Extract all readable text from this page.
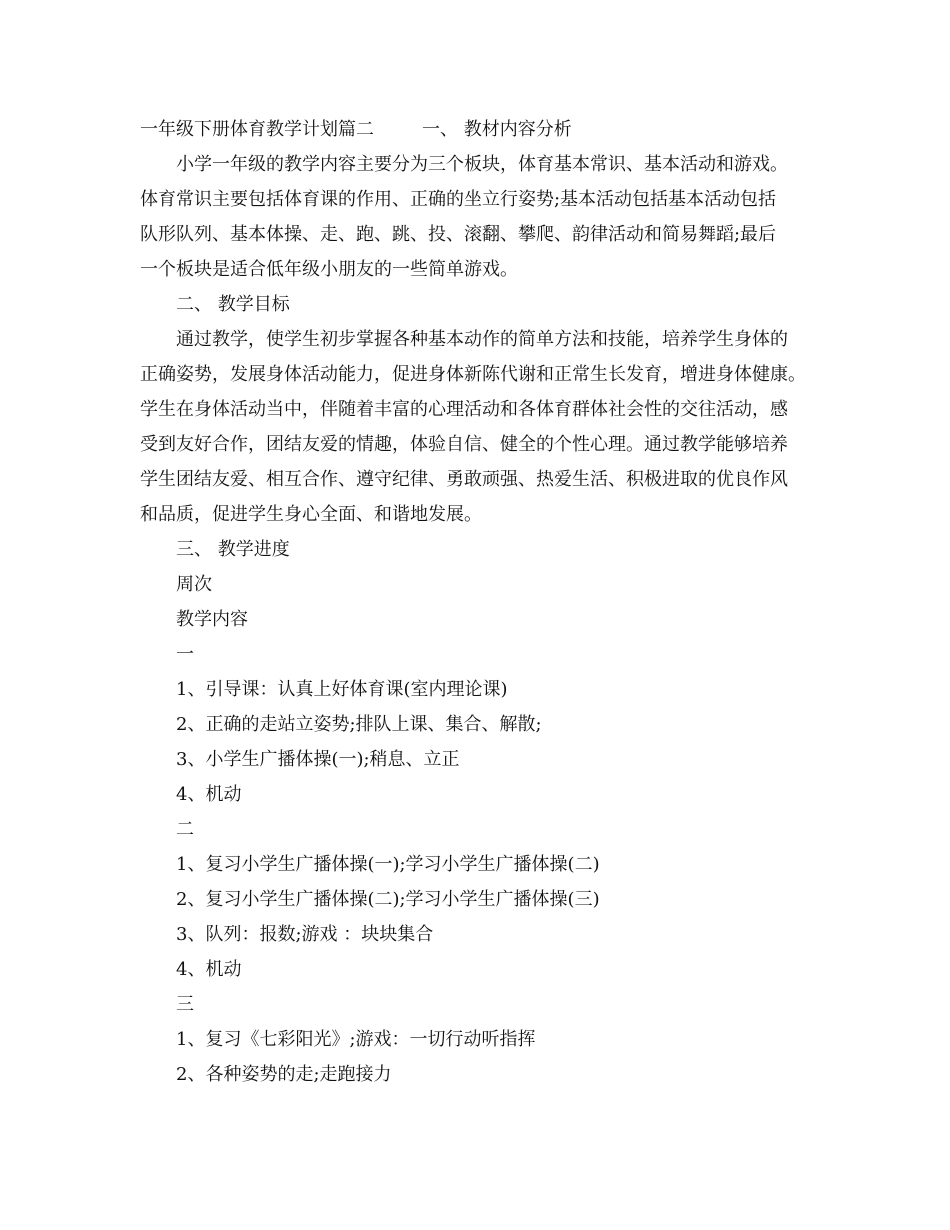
一年级下册体育教学计划篇二	一、 教材内容分析
小学一年级的教学内容主要分为三个板块，体育基本常识、基本活动和游戏。
体育常识主要包括体育课的作用、正确的坐立行姿势;基本活动包括基本活动包括
队形队列、基本体操、走、跑、跳、投、滚翻、攀爬、韵律活动和简易舞蹈;最后
一个板块是适合低年级小朋友的一些简单游戏。
二、 教学目标
通过教学，使学生初步掌握各种基本动作的简单方法和技能，培养学生身体的
正确姿势，发展身体活动能力，促进身体新陈代谢和正常生长发育，增进身体健康。
学生在身体活动当中，伴随着丰富的心理活动和各体育群体社会性的交往活动，感
受到友好合作，团结友爱的情趣，体验自信、健全的个性心理。通过教学能够培养
学生团结友爱、相互合作、遵守纪律、勇敢顽强、热爱生活、积极进取的优良作风
和品质，促进学生身心全面、和谐地发展。
三、 教学进度
周次
教学内容
一
1、引导课：认真上好体育课(室内理论课)
2、正确的走站立姿势;排队上课、集合、解散;
3、小学生广播体操(一);稍息、立正
4、机动
二
1、复习小学生广播体操(一);学习小学生广播体操(二)
2、复习小学生广播体操(二);学习小学生广播体操(三)
3、队列：报数;游戏 ：块块集合
4、机动
三
1、复习《七彩阳光》;游戏：一切行动听指挥
2、各种姿势的走;走跑接力
